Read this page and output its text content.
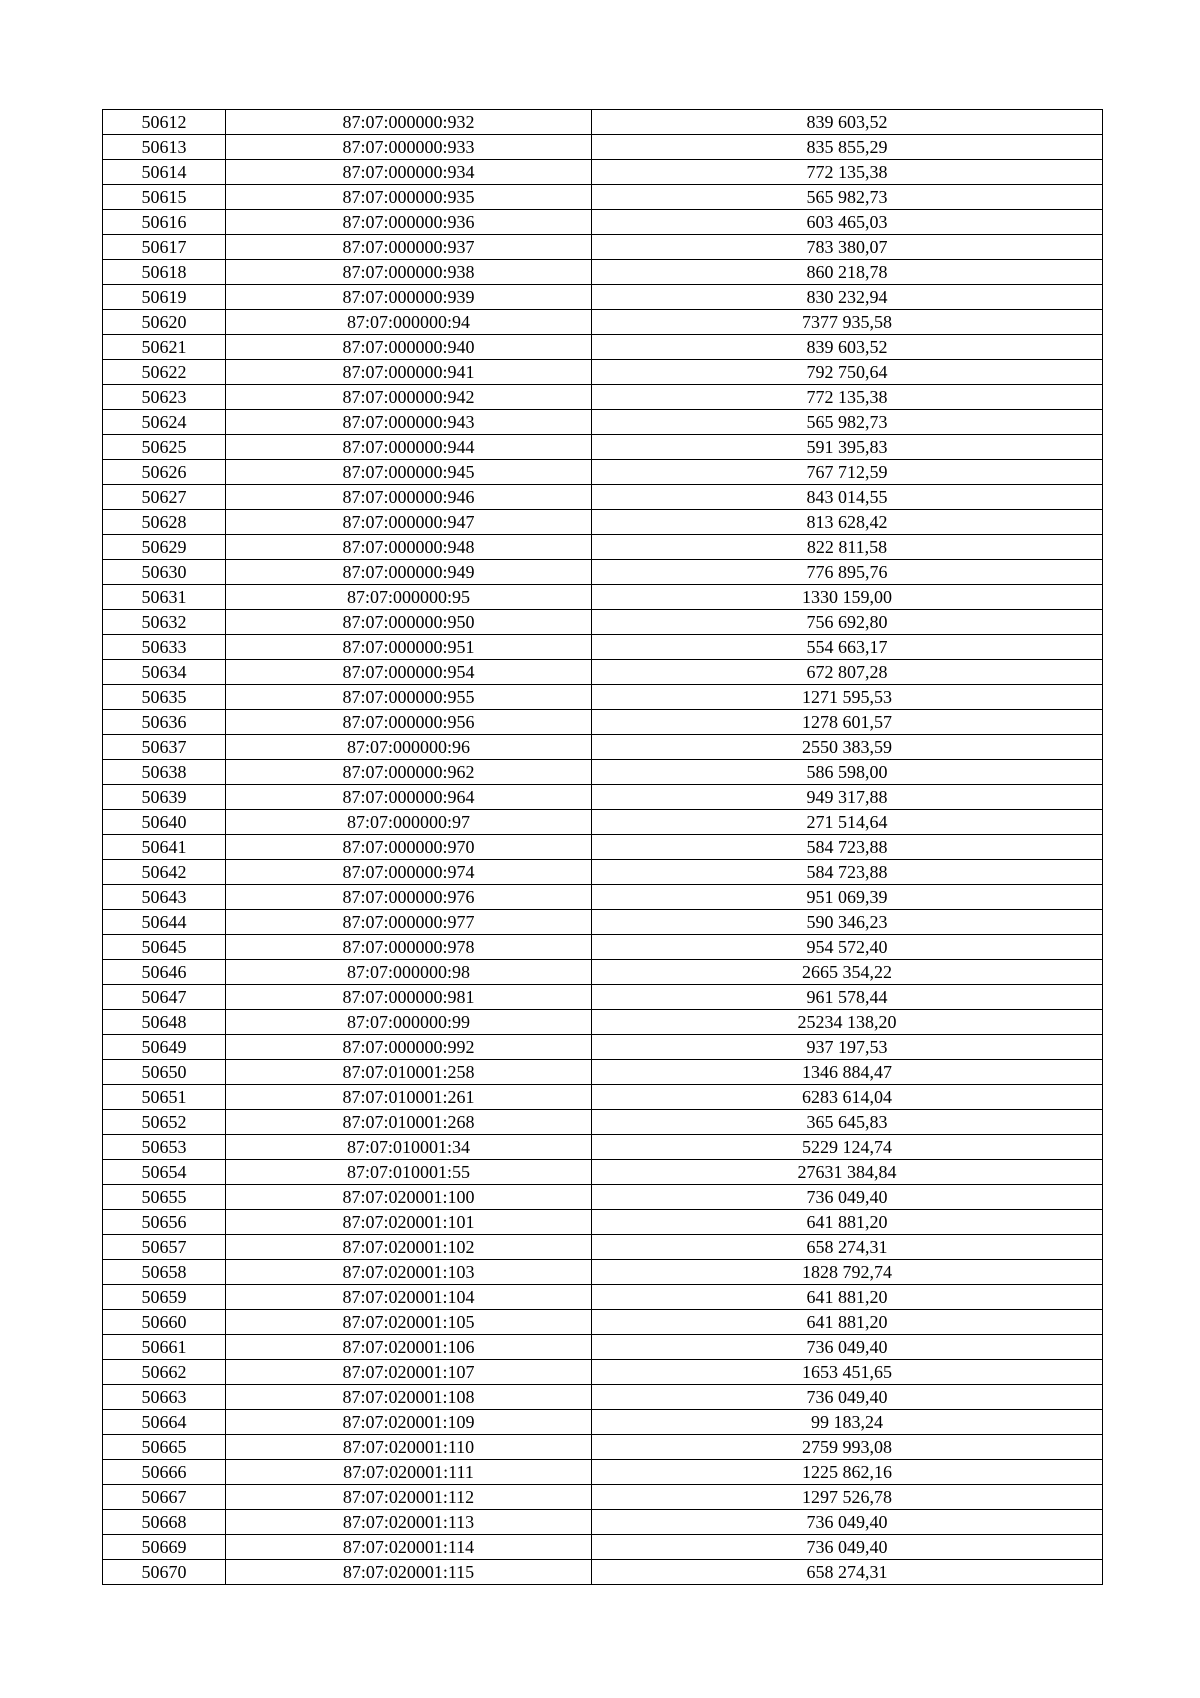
50612	87:07:000000:932	839 603,52
50613	87:07:000000:933	835 855,29
50614	87:07:000000:934	772 135,38
50615	87:07:000000:935	565 982,73
50616	87:07:000000:936	603 465,03
50617	87:07:000000:937	783 380,07
50618	87:07:000000:938	860 218,78
50619	87:07:000000:939	830 232,94
50620	87:07:000000:94	7377 935,58
50621	87:07:000000:940	839 603,52
50622	87:07:000000:941	792 750,64
50623	87:07:000000:942	772 135,38
50624	87:07:000000:943	565 982,73
50625	87:07:000000:944	591 395,83
50626	87:07:000000:945	767 712,59
50627	87:07:000000:946	843 014,55
50628	87:07:000000:947	813 628,42
50629	87:07:000000:948	822 811,58
50630	87:07:000000:949	776 895,76
50631	87:07:000000:95	1330 159,00
50632	87:07:000000:950	756 692,80
50633	87:07:000000:951	554 663,17
50634	87:07:000000:954	672 807,28
50635	87:07:000000:955	1271 595,53
50636	87:07:000000:956	1278 601,57
50637	87:07:000000:96	2550 383,59
50638	87:07:000000:962	586 598,00
50639	87:07:000000:964	949 317,88
50640	87:07:000000:97	271 514,64
50641	87:07:000000:970	584 723,88
50642	87:07:000000:974	584 723,88
50643	87:07:000000:976	951 069,39
50644	87:07:000000:977	590 346,23
50645	87:07:000000:978	954 572,40
50646	87:07:000000:98	2665 354,22
50647	87:07:000000:981	961 578,44
50648	87:07:000000:99	25234 138,20
50649	87:07:000000:992	937 197,53
50650	87:07:010001:258	1346 884,47
50651	87:07:010001:261	6283 614,04
50652	87:07:010001:268	365 645,83
50653	87:07:010001:34	5229 124,74
50654	87:07:010001:55	27631 384,84
50655	87:07:020001:100	736 049,40
50656	87:07:020001:101	641 881,20
50657	87:07:020001:102	658 274,31
50658	87:07:020001:103	1828 792,74
50659	87:07:020001:104	641 881,20
50660	87:07:020001:105	641 881,20
50661	87:07:020001:106	736 049,40
50662	87:07:020001:107	1653 451,65
50663	87:07:020001:108	736 049,40
50664	87:07:020001:109	99 183,24
50665	87:07:020001:110	2759 993,08
50666	87:07:020001:111	1225 862,16
50667	87:07:020001:112	1297 526,78
50668	87:07:020001:113	736 049,40
50669	87:07:020001:114	736 049,40
50670	87:07:020001:115	658 274,31
